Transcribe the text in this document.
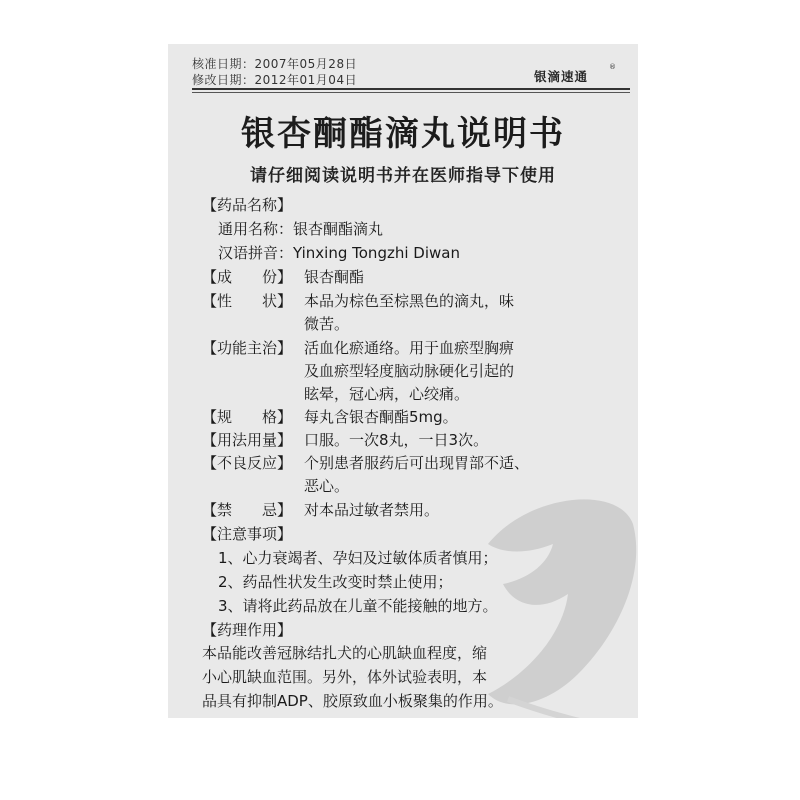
核准日期：2007年05月28日
修改日期：2012年01月04日	银滴速通
®
银杏酮酯滴丸说明书
请仔细阅读说明书并在医师指导下使用
【药品名称】
通用名称：银杏酮酯滴丸
汉语拼音：Yinxing Tongzhi Diwan
【成　　份】 银杏酮酯
【性　　状】 本品为棕色至棕黑色的滴丸，味
微苦。
【功能主治】 活血化瘀通络。用于血瘀型胸痹
及血瘀型轻度脑动脉硬化引起的
眩晕，冠心病，心绞痛。
【规　　格】 每丸含银杏酮酯5mg。
【用法用量】 口服。一次8丸，一日3次。
【不良反应】 个别患者服药后可出现胃部不适、
恶心。
【禁　　忌】 对本品过敏者禁用。
【注意事项】
1、心力衰竭者、孕妇及过敏体质者慎用；
2、药品性状发生改变时禁止使用；
3、请将此药品放在儿童不能接触的地方。
【药理作用】
本品能改善冠脉结扎犬的心肌缺血程度，缩
小心肌缺血范围。另外，体外试验表明，本
品具有抑制ADP、胶原致血小板聚集的作用。
